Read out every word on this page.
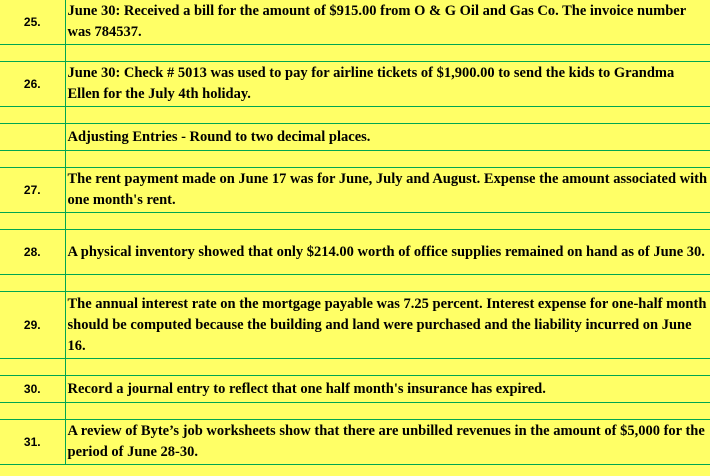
25.	June 30: Received a bill for the amount of $915.00 from O & G Oil and Gas Co. The invoice number was 784537.

26.	June 30: Check # 5013 was used to pay for airline tickets of $1,900.00 to send the kids to Grandma Ellen for the July 4th holiday.

	Adjusting Entries - Round to two decimal places.

27.	The rent payment made on June 17 was for June, July and August. Expense the amount associated with one month's rent.

28.	A physical inventory showed that only $214.00 worth of office supplies remained on hand as of June 30.

29.	The annual interest rate on the mortgage payable was 7.25 percent. Interest expense for one-half month should be computed because the building and land were purchased and the liability incurred on June 16.

30.	Record a journal entry to reflect that one half month's insurance has expired.

31.	A review of Byte’s job worksheets show that there are unbilled revenues in the amount of $5,000 for the period of June 28-30.
